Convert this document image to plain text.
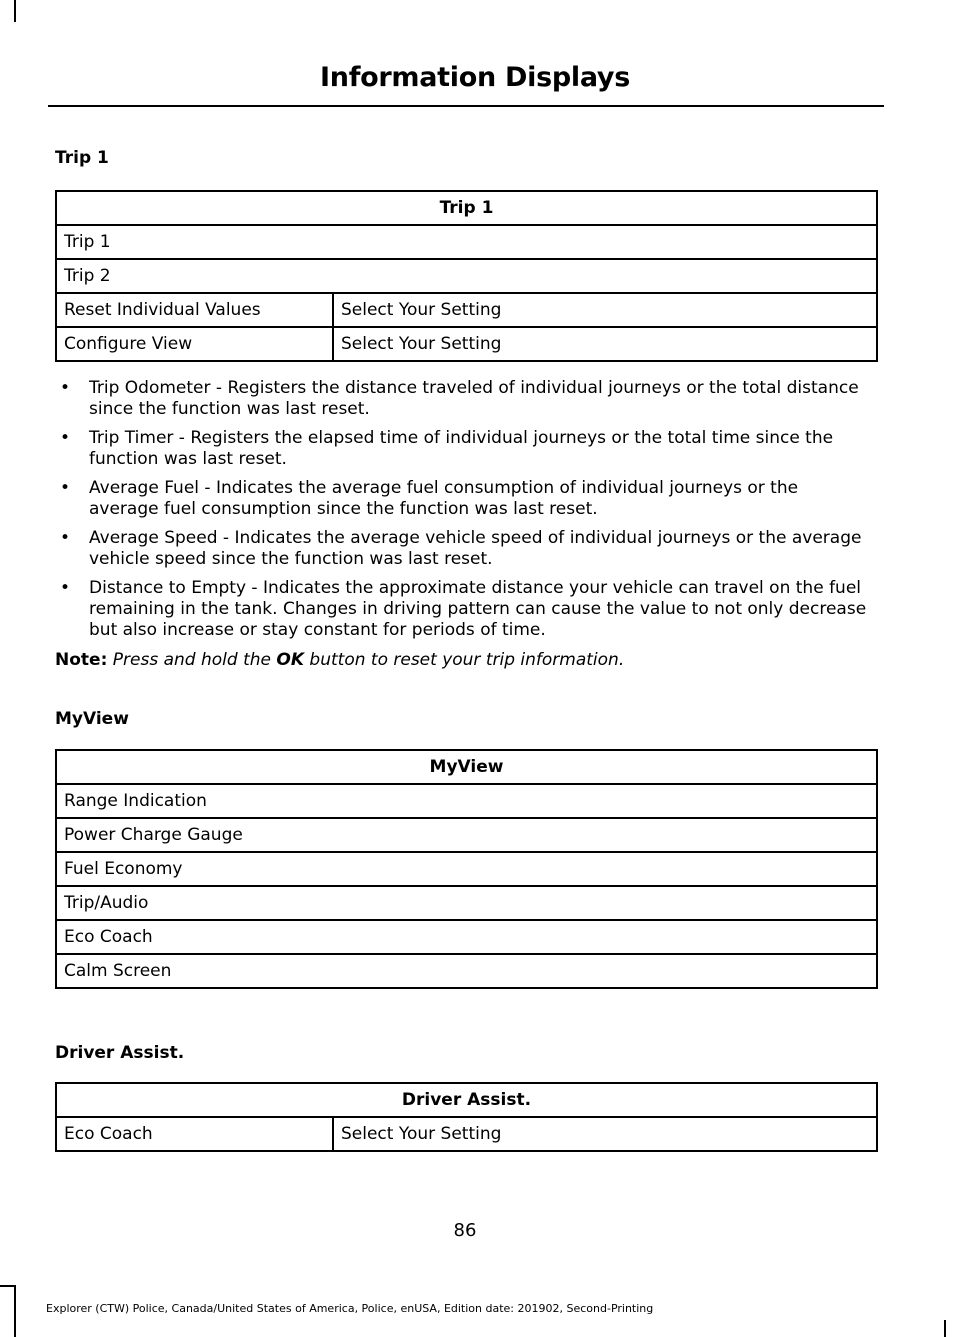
Information Displays
Trip 1
Trip 1	
Trip 1	
Trip 2	
Reset Individual Values	Select Your Setting
Configure View	Select Your Setting
• Trip Odometer - Registers the distance traveled of individual journeys or the total distance since the function was last reset.
• Trip Timer - Registers the elapsed time of individual journeys or the total time since the function was last reset.
• Average Fuel - Indicates the average fuel consumption of individual journeys or the average fuel consumption since the function was last reset.
• Average Speed - Indicates the average vehicle speed of individual journeys or the average vehicle speed since the function was last reset.
• Distance to Empty - Indicates the approximate distance your vehicle can travel on the fuel remaining in the tank. Changes in driving pattern can cause the value to not only decrease but also increase or stay constant for periods of time.
Note: Press and hold the OK button to reset your trip information.
MyView
MyView
Range Indication
Power Charge Gauge
Fuel Economy
Trip/Audio
Eco Coach
Calm Screen
Driver Assist.
Driver Assist.
Eco Coach	Select Your Setting
86
Explorer (CTW) Police, Canada/United States of America, Police, enUSA, Edition date: 201902, Second-Printing
